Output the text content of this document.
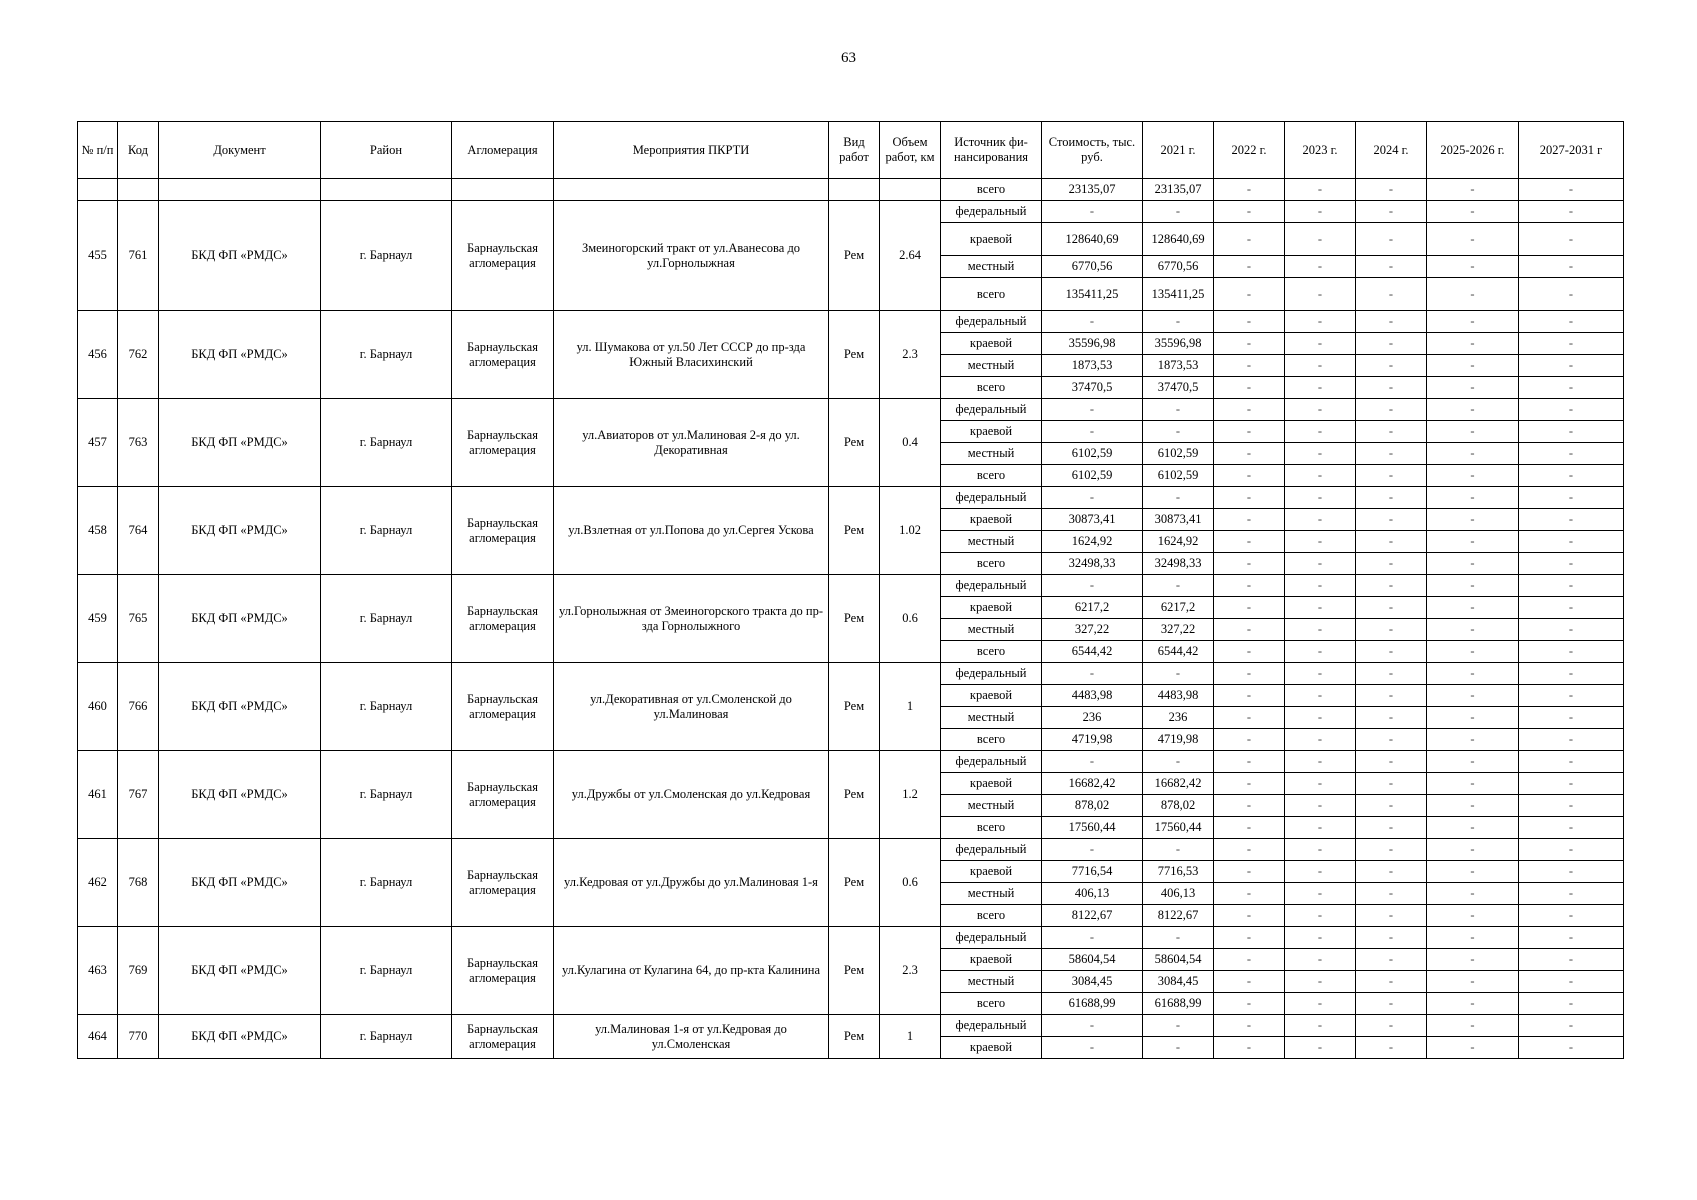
63
№ п/п	Код	Документ	Район	Агломерация	Мероприятия ПКРТИ	Вид работ	Объем работ, км	Источник фи-нансирования	Стоимость, тыс. руб.	2021 г.	2022 г.	2023 г.	2024 г.	2025-2026 г.	2027-2031 г
								всего	23135,07	23135,07	-	-	-	-	-
455	761	БКД ФП «РМДС»	г. Барнаул	Барнаульская агломерация	Змеиногорский тракт от ул.Аванесова до ул.Горнолыжная	Рем	2.64	федеральный	-	-	-	-	-	-	-
								краевой	128640,69	128640,69	-	-	-	-	-
								местный	6770,56	6770,56	-	-	-	-	-
								всего	135411,25	135411,25	-	-	-	-	-
456	762	БКД ФП «РМДС»	г. Барнаул	Барнаульская агломерация	ул. Шумакова от ул.50 Лет СССР до пр-зда Южный Власихинский	Рем	2.3	федеральный	-	-	-	-	-	-	-
								краевой	35596,98	35596,98	-	-	-	-	-
								местный	1873,53	1873,53	-	-	-	-	-
								всего	37470,5	37470,5	-	-	-	-	-
457	763	БКД ФП «РМДС»	г. Барнаул	Барнаульская агломерация	ул.Авиаторов от ул.Малиновая 2-я до ул. Декоративная	Рем	0.4	федеральный	-	-	-	-	-	-	-
								краевой	-	-	-	-	-	-	-
								местный	6102,59	6102,59	-	-	-	-	-
								всего	6102,59	6102,59	-	-	-	-	-
458	764	БКД ФП «РМДС»	г. Барнаул	Барнаульская агломерация	ул.Взлетная от ул.Попова до ул.Сергея Ускова	Рем	1.02	федеральный	-	-	-	-	-	-	-
								краевой	30873,41	30873,41	-	-	-	-	-
								местный	1624,92	1624,92	-	-	-	-	-
								всего	32498,33	32498,33	-	-	-	-	-
459	765	БКД ФП «РМДС»	г. Барнаул	Барнаульская агломерация	ул.Горнолыжная от Змеиногорского тракта до пр-зда Горнолыжного	Рем	0.6	федеральный	-	-	-	-	-	-	-
								краевой	6217,2	6217,2	-	-	-	-	-
								местный	327,22	327,22	-	-	-	-	-
								всего	6544,42	6544,42	-	-	-	-	-
460	766	БКД ФП «РМДС»	г. Барнаул	Барнаульская агломерация	ул.Декоративная от ул.Смоленской до ул.Малиновая	Рем	1	федеральный	-	-	-	-	-	-	-
								краевой	4483,98	4483,98	-	-	-	-	-
								местный	236	236	-	-	-	-	-
								всего	4719,98	4719,98	-	-	-	-	-
461	767	БКД ФП «РМДС»	г. Барнаул	Барнаульская агломерация	ул.Дружбы от ул.Смоленская до ул.Кедровая	Рем	1.2	федеральный	-	-	-	-	-	-	-
								краевой	16682,42	16682,42	-	-	-	-	-
								местный	878,02	878,02	-	-	-	-	-
								всего	17560,44	17560,44	-	-	-	-	-
462	768	БКД ФП «РМДС»	г. Барнаул	Барнаульская агломерация	ул.Кедровая от ул.Дружбы до ул.Малиновая 1-я	Рем	0.6	федеральный	-	-	-	-	-	-	-
								краевой	7716,54	7716,53	-	-	-	-	-
								местный	406,13	406,13	-	-	-	-	-
								всего	8122,67	8122,67	-	-	-	-	-
463	769	БКД ФП «РМДС»	г. Барнаул	Барнаульская агломерация	ул.Кулагина от Кулагина 64, до пр-кта Калинина	Рем	2.3	федеральный	-	-	-	-	-	-	-
								краевой	58604,54	58604,54	-	-	-	-	-
								местный	3084,45	3084,45	-	-	-	-	-
								всего	61688,99	61688,99	-	-	-	-	-
464	770	БКД ФП «РМДС»	г. Барнаул	Барнаульская агломерация	ул.Малиновая 1-я от ул.Кедровая до ул.Смоленская	Рем	1	федеральный	-	-	-	-	-	-	-
								краевой	-	-	-	-	-	-	-
